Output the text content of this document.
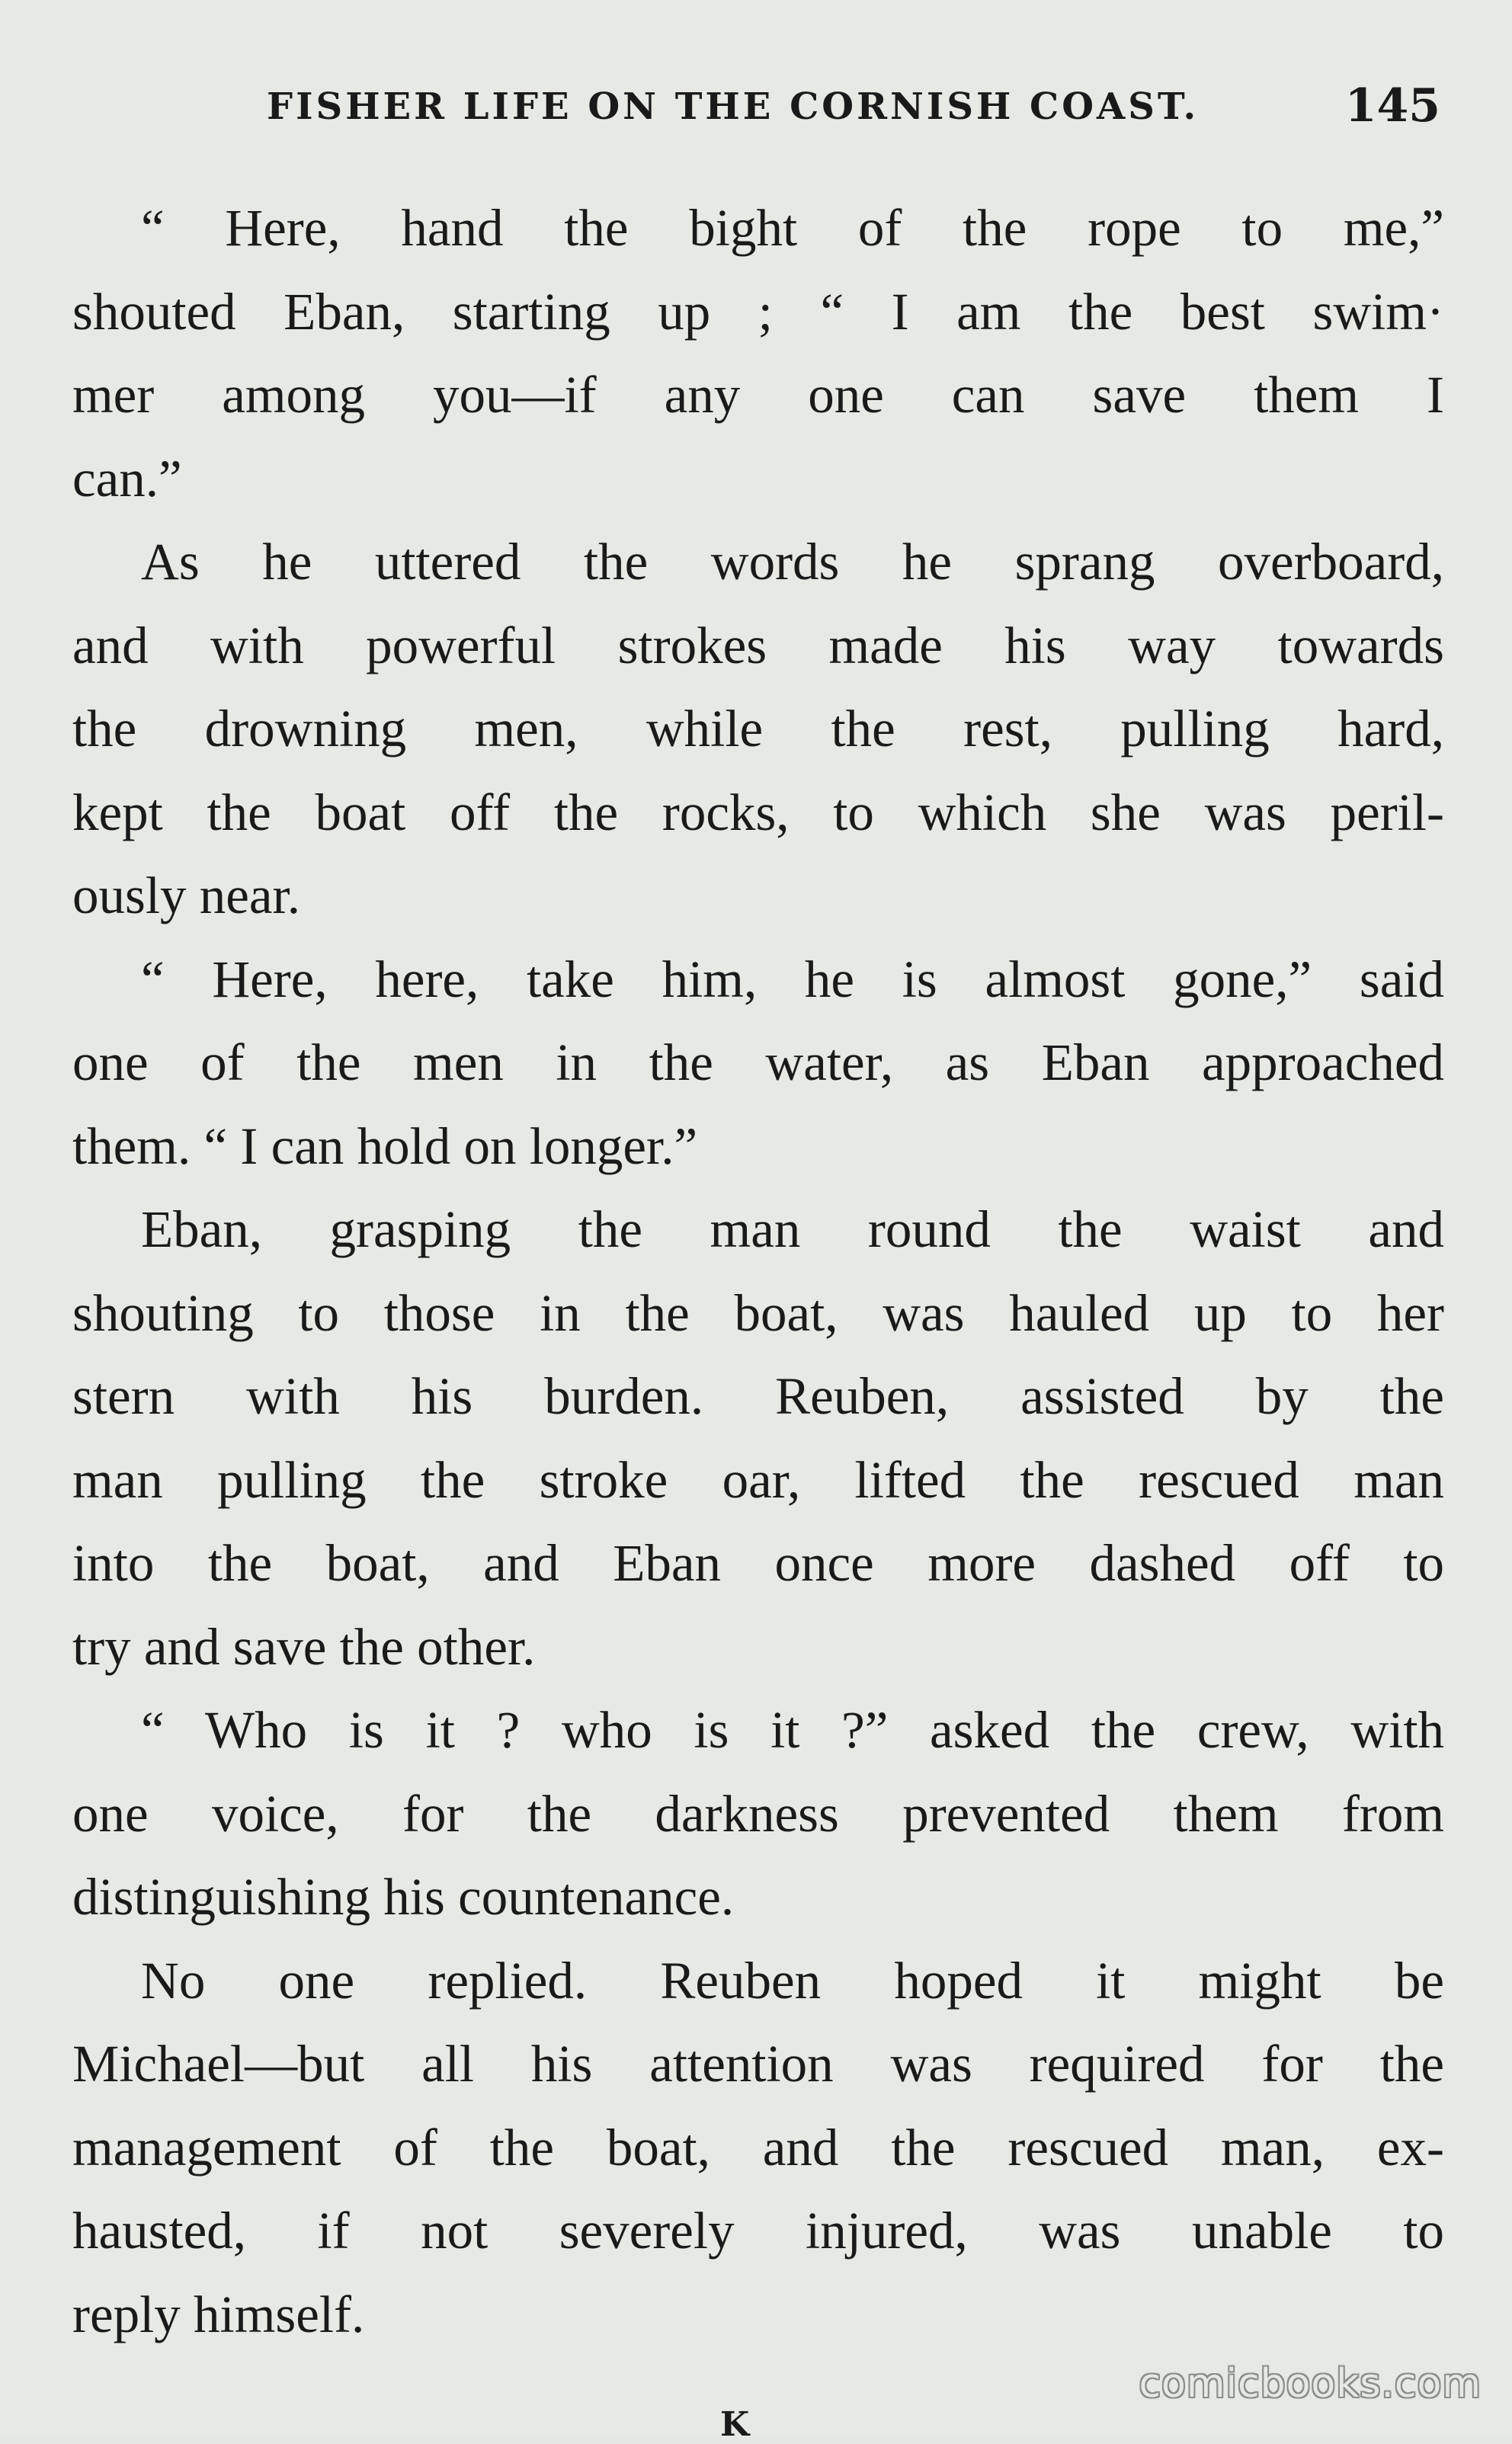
FISHER LIFE ON THE CORNISH COAST.	145
“ Here, hand the bight of the rope to me,”
shouted Eban, starting up ; “ I am the best swim·
mer among you—if any one can save them I
can.”
As he uttered the words he sprang overboard,
and with powerful strokes made his way towards
the drowning men, while the rest, pulling hard,
kept the boat off the rocks, to which she was peril-
ously near.
“ Here, here, take him, he is almost gone,” said
one of the men in the water, as Eban approached
them. “ I can hold on longer.”
Eban, grasping the man round the waist and
shouting to those in the boat, was hauled up to her
stern with his burden. Reuben, assisted by the
man pulling the stroke oar, lifted the rescued man
into the boat, and Eban once more dashed off to
try and save the other.
“ Who is it ? who is it ?” asked the crew, with
one voice, for the darkness prevented them from
distinguishing his countenance.
No one replied. Reuben hoped it might be
Michael—but all his attention was required for the
management of the boat, and the rescued man, ex-
hausted, if not severely injured, was unable to
reply himself.
comicbooks.com
K
